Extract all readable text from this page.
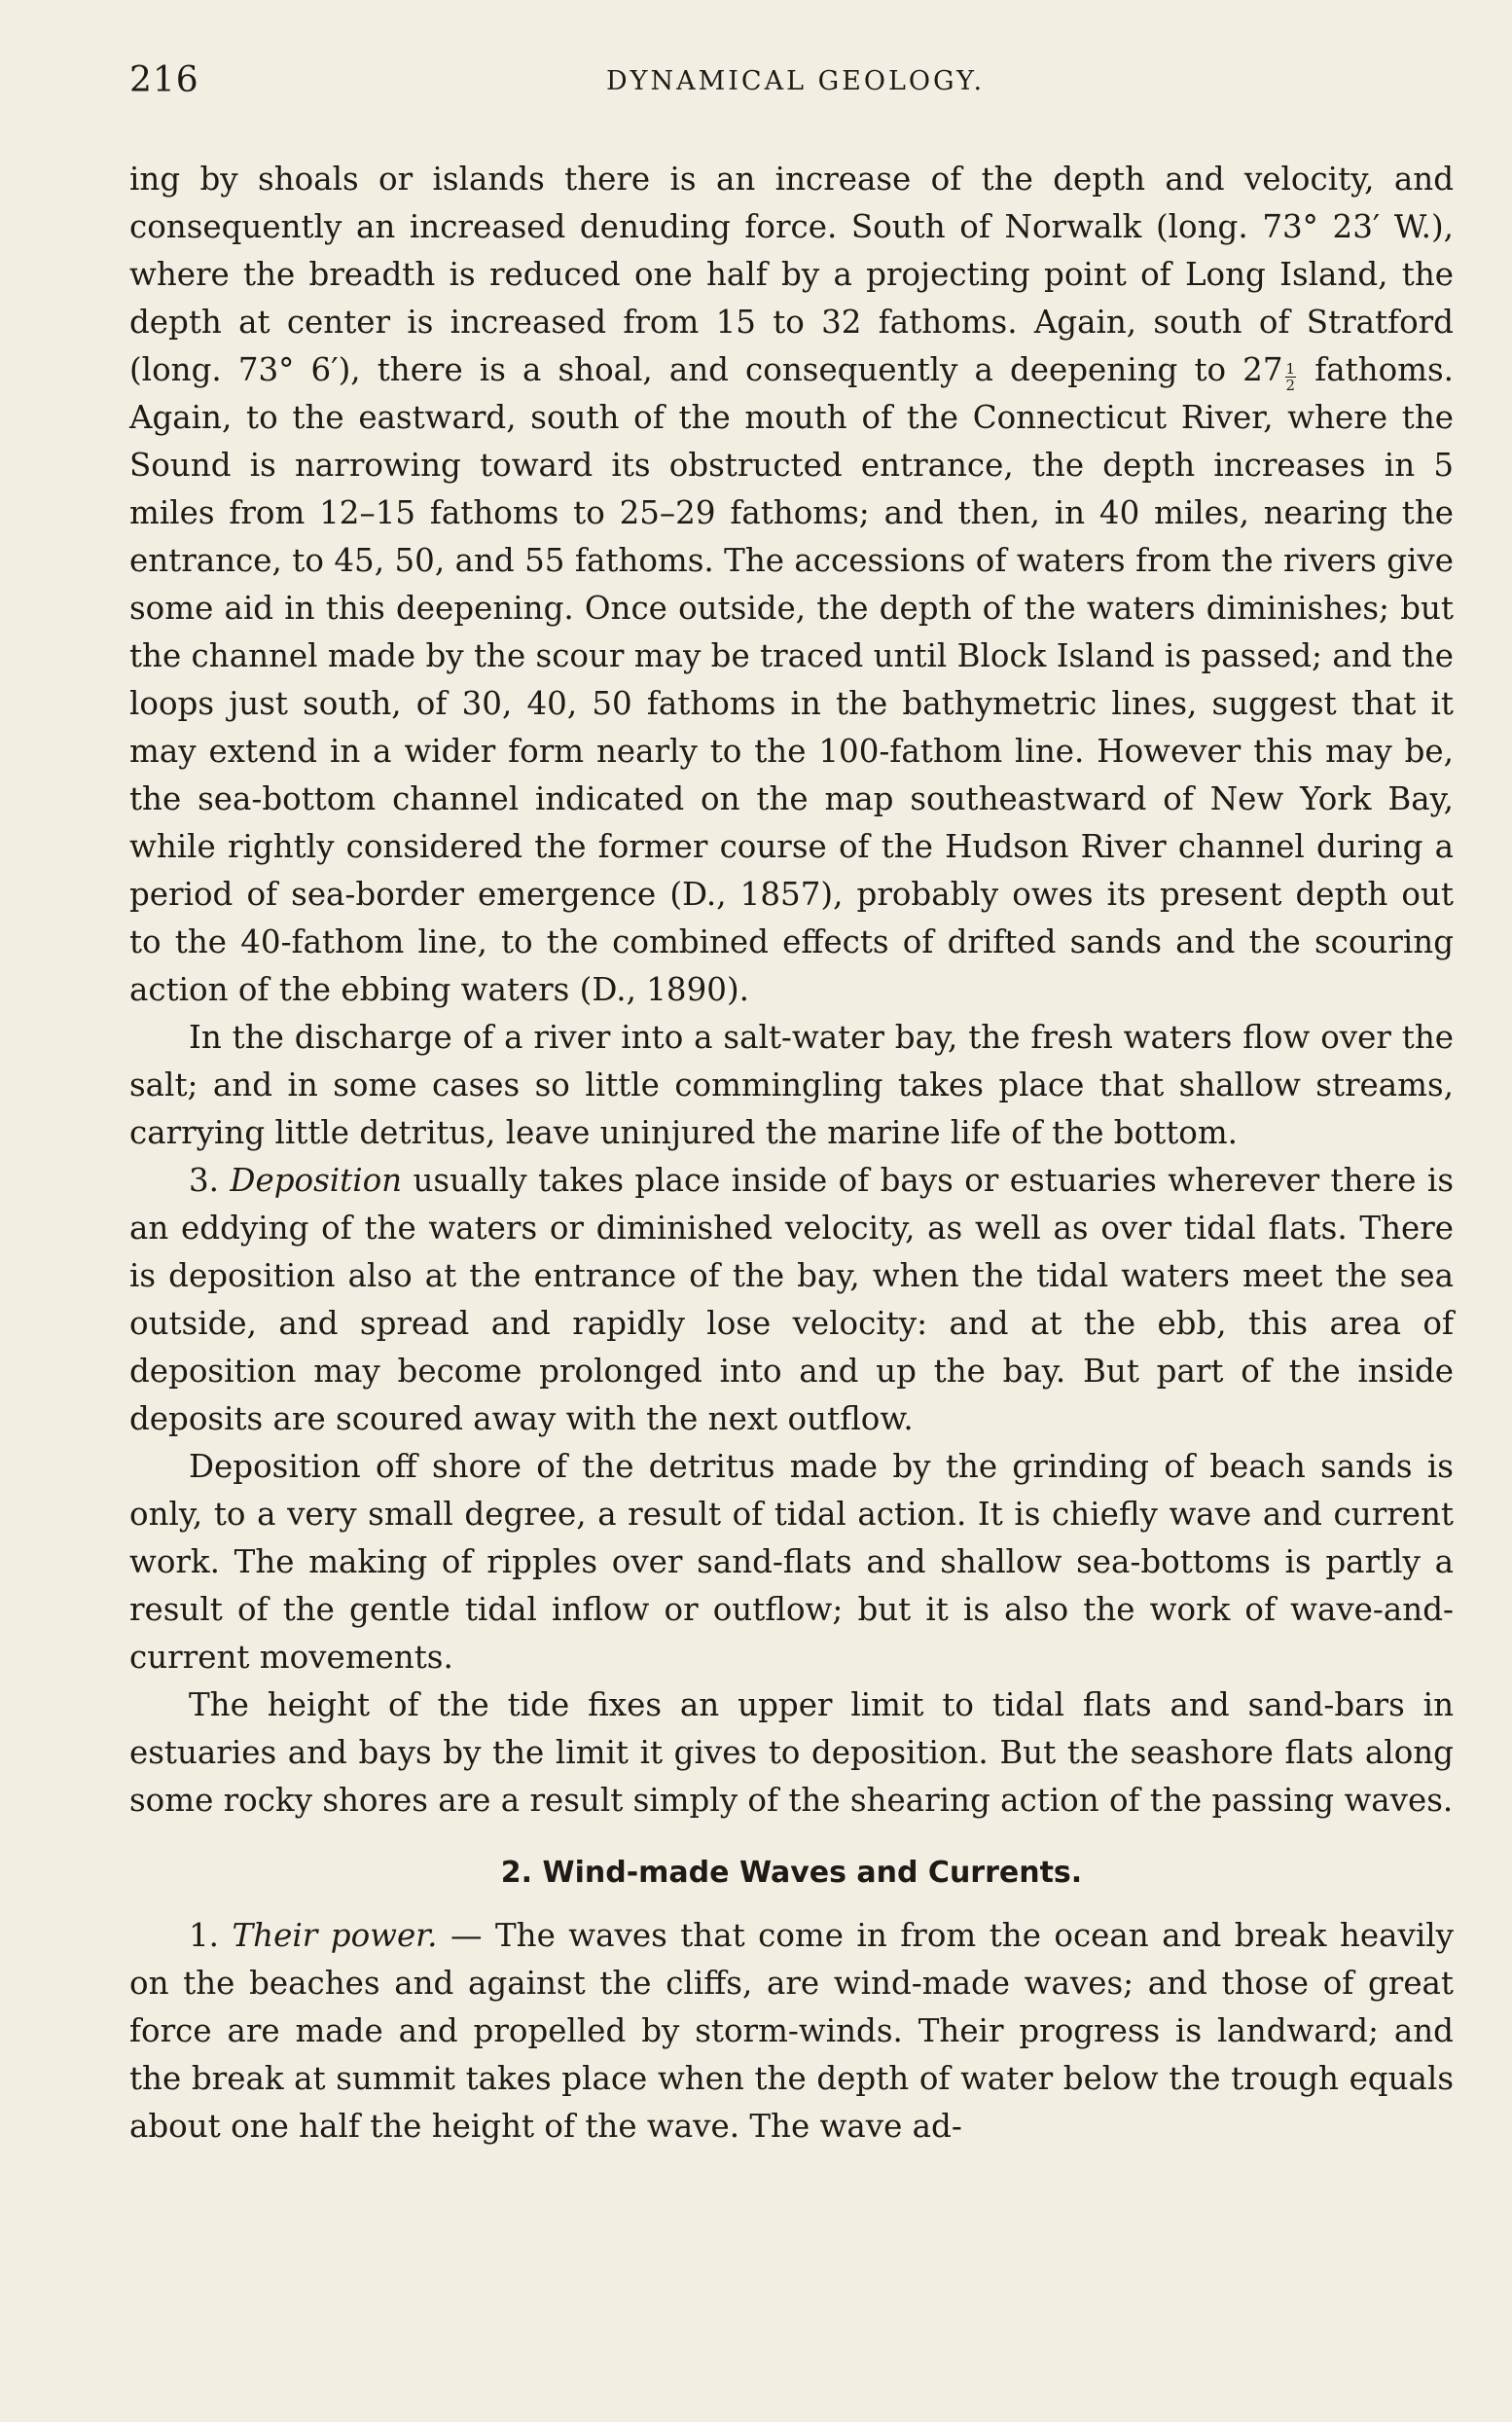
216	DYNAMICAL GEOLOGY.

ing by shoals or islands there is an increase of the depth and velocity, and consequently an increased denuding force. South of Norwalk (long. 73° 23′ W.), where the breadth is reduced one half by a projecting point of Long Island, the depth at center is increased from 15 to 32 fathoms. Again, south of Stratford (long. 73° 6′), there is a shoal, and consequently a deepening to $27 \frac{1}{2}$ fathoms. Again, to the eastward, south of the mouth of the Connecticut River, where the Sound is narrowing toward its obstructed entrance, the depth increases in 5 miles from 12–15 fathoms to 25–29 fathoms; and then, in 40 miles, nearing the entrance, to 45, 50, and 55 fathoms. The accessions of waters from the rivers give some aid in this deepening. Once outside, the depth of the waters diminishes; but the channel made by the scour may be traced until Block Island is passed; and the loops just south, of 30, 40, 50 fathoms in the bathymetric lines, suggest that it may extend in a wider form nearly to the 100-fathom line. However this may be, the sea-bottom channel indicated on the map southeastward of New York Bay, while rightly considered the former course of the Hudson River channel during a period of sea-border emergence (D., 1857), probably owes its present depth out to the 40-fathom line, to the combined effects of drifted sands and the scouring action of the ebbing waters (D., 1890).

In the discharge of a river into a salt-water bay, the fresh waters flow over the salt; and in some cases so little commingling takes place that shallow streams, carrying little detritus, leave uninjured the marine life of the bottom.

3. Deposition usually takes place inside of bays or estuaries wherever there is an eddying of the waters or diminished velocity, as well as over tidal flats. There is deposition also at the entrance of the bay, when the tidal waters meet the sea outside, and spread and rapidly lose velocity: and at the ebb, this area of deposition may become prolonged into and up the bay. But part of the inside deposits are scoured away with the next outflow.

Deposition off shore of the detritus made by the grinding of beach sands is only, to a very small degree, a result of tidal action. It is chiefly wave and current work. The making of ripples over sand-flats and shallow sea-bottoms is partly a result of the gentle tidal inflow or outflow; but it is also the work of wave-and-current movements.

The height of the tide fixes an upper limit to tidal flats and sand-bars in estuaries and bays by the limit it gives to deposition. But the seashore flats along some rocky shores are a result simply of the shearing action of the passing waves.

2. Wind-made Waves and Currents.

1. Their power. — The waves that come in from the ocean and break heavily on the beaches and against the cliffs, are wind-made waves; and those of great force are made and propelled by storm-winds. Their progress is landward; and the break at summit takes place when the depth of water below the trough equals about one half the height of the wave. The wave ad-
